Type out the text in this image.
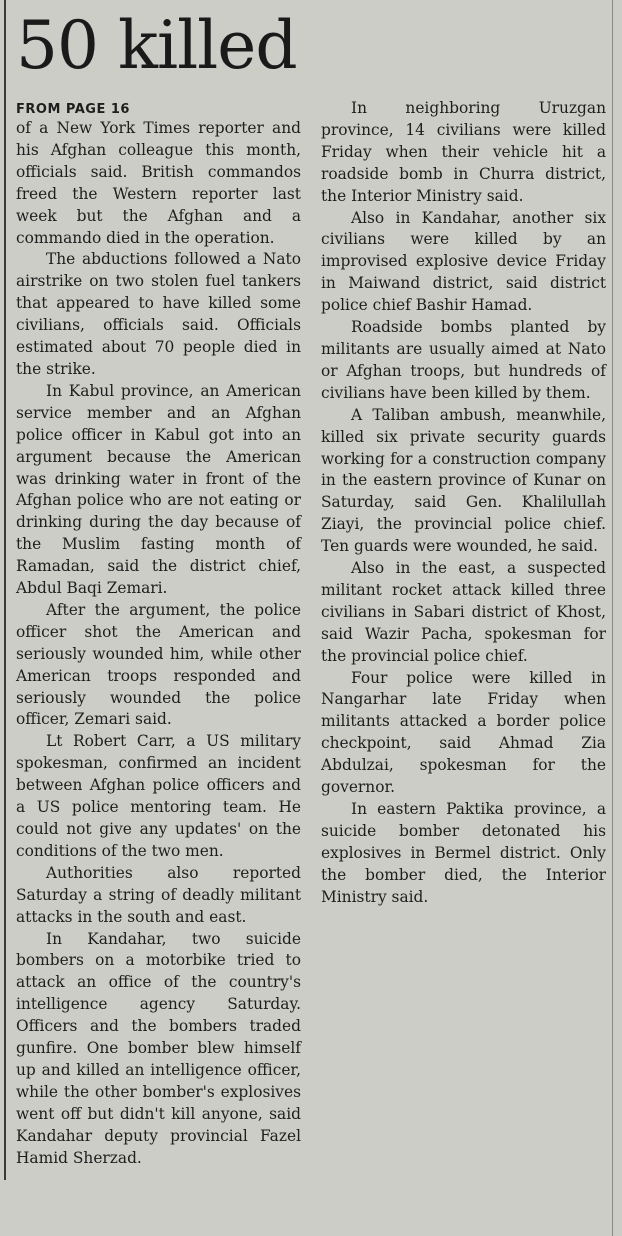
50 killed
FROM PAGE 16

of a New York Times reporter and his Afghan colleague this month, officials said. British commandos freed the Western reporter last week but the Afghan and a commando died in the operation.

The abductions followed a Nato airstrike on two stolen fuel tankers that appeared to have killed some civilians, officials said. Officials estimated about 70 people died in the strike.

In Kabul province, an American service member and an Afghan police officer in Kabul got into an argument because the American was drinking water in front of the Afghan police who are not eating or drinking during the day because of the Muslim fasting month of Ramadan, said the district chief, Abdul Baqi Zemari.

After the argument, the police officer shot the American and seriously wounded him, while other American troops responded and seriously wounded the police officer, Zemari said.

Lt Robert Carr, a US military spokesman, confirmed an incident between Afghan police officers and a US police mentoring team. He could not give any updates' on the conditions of the two men.

Authorities also reported Saturday a string of deadly militant attacks in the south and east.

In Kandahar, two suicide bombers on a motorbike tried to attack an office of the country's intelligence agency Saturday. Officers and the bombers traded gunfire. One bomber blew himself up and killed an intelligence officer, while the other bomber's explosives went off but didn't kill anyone, said Kandahar deputy provincial Fazel Hamid Sherzad.

In neighboring Uruzgan province, 14 civilians were killed Friday when their vehicle hit a roadside bomb in Churra district, the Interior Ministry said.

Also in Kandahar, another six civilians were killed by an improvised explosive device Friday in Maiwand district, said district police chief Bashir Hamad.

Roadside bombs planted by militants are usually aimed at Nato or Afghan troops, but hundreds of civilians have been killed by them.

A Taliban ambush, meanwhile, killed six private security guards working for a construction company in the eastern province of Kunar on Saturday, said Gen. Khalilullah Ziayi, the provincial police chief. Ten guards were wounded, he said.

Also in the east, a suspected militant rocket attack killed three civilians in Sabari district of Khost, said Wazir Pacha, spokesman for the provincial police chief.

Four police were killed in Nangarhar late Friday when militants attacked a border police checkpoint, said Ahmad Zia Abdulzai, spokesman for the governor.

In eastern Paktika province, a suicide bomber detonated his explosives in Bermel district. Only the bomber died, the Interior Ministry said.
